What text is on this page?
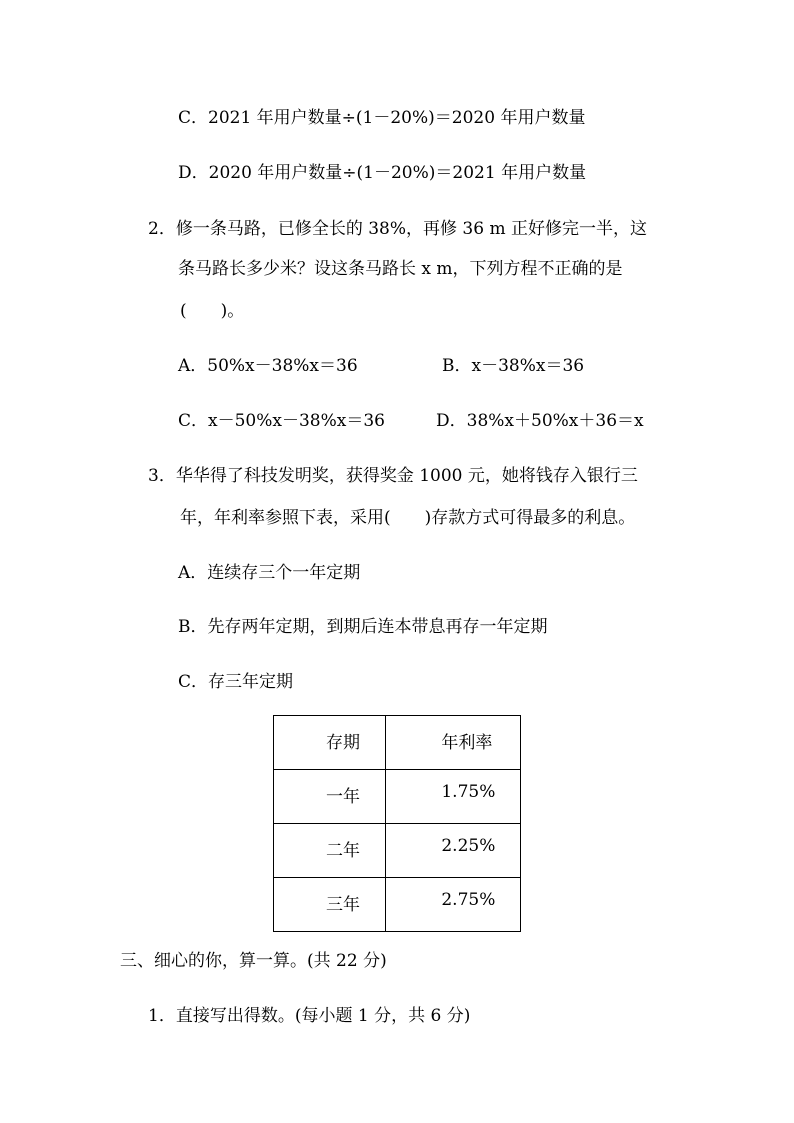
C．2021 年用户数量÷(1－20%)＝2020 年用户数量
D．2020 年用户数量÷(1－20%)＝2021 年用户数量
2．修一条马路，已修全长的 38%，再修 36 m 正好修完一半，这
条马路长多少米？设这条马路长 x m，下列方程不正确的是
(　　)。
A．50%x－38%x＝36	B．x－38%x＝36
C．x－50%x－38%x＝36	D．38%x＋50%x＋36＝x
3．华华得了科技发明奖，获得奖金 1000 元，她将钱存入银行三
年，年利率参照下表，采用(　　)存款方式可得最多的利息。
A．连续存三个一年定期
B．先存两年定期，到期后连本带息再存一年定期
C．存三年定期
存期	年利率
一年	1.75%
二年	2.25%
三年	2.75%
三、细心的你，算一算。(共 22 分)
1．直接写出得数。(每小题 1 分，共 6 分)
